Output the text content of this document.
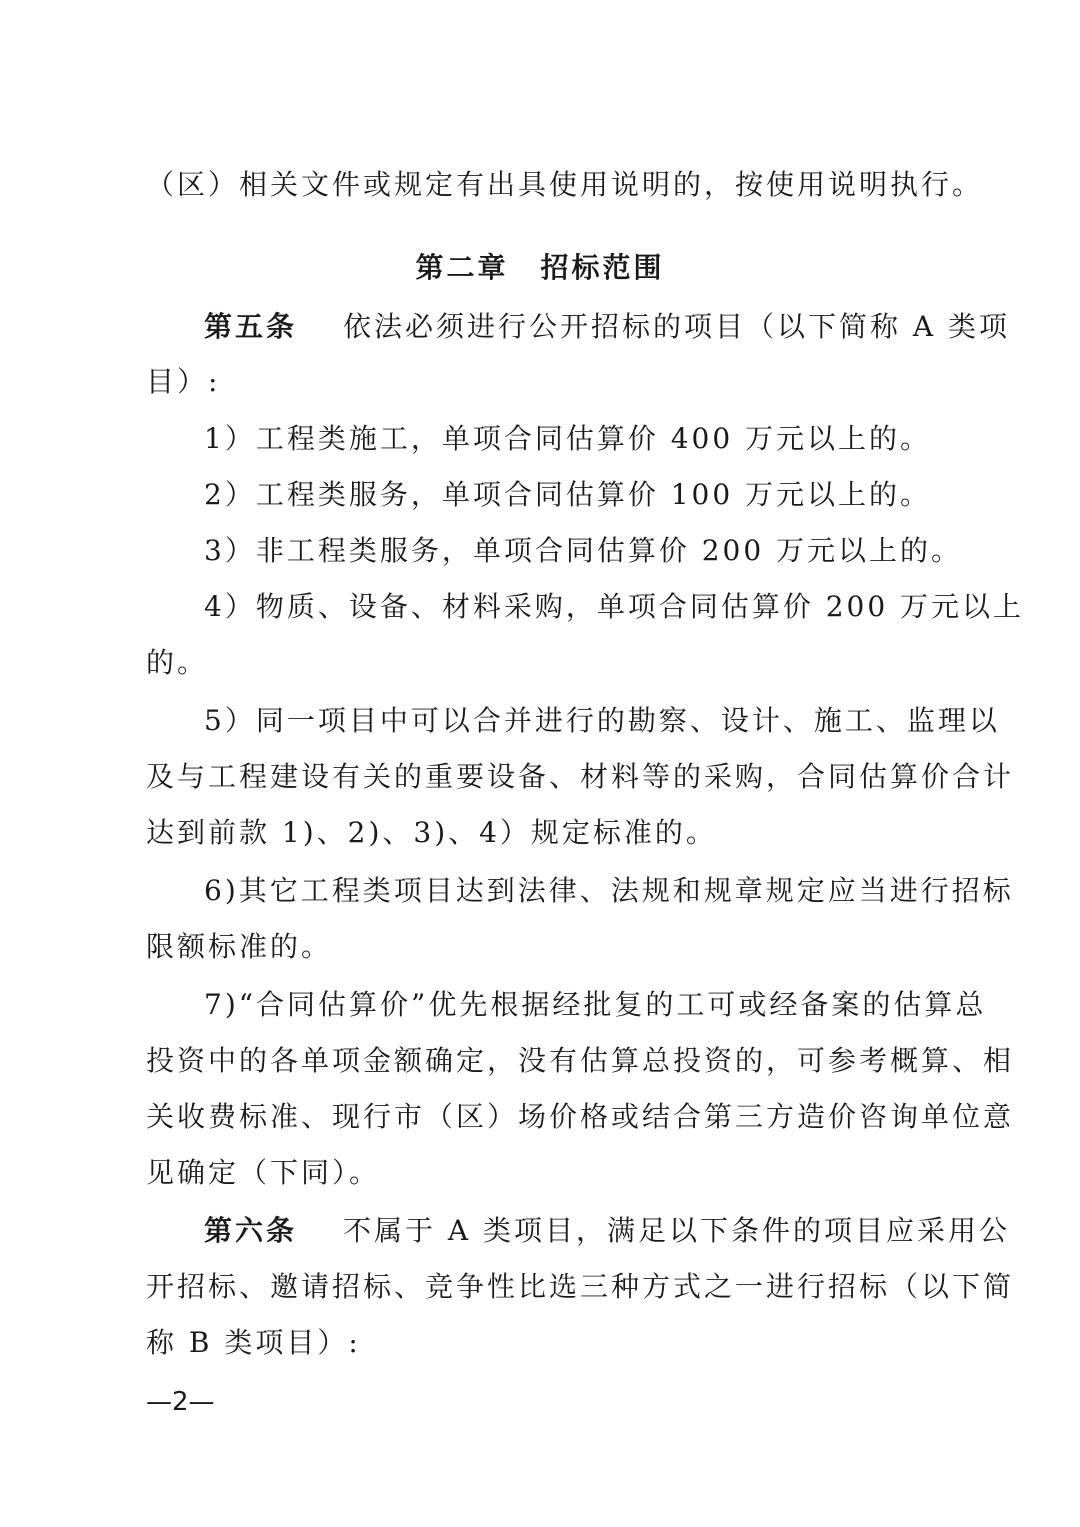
（区）相关文件或规定有出具使用说明的，按使用说明执行。
第二章 招标范围
第五条 依法必须进行公开招标的项目（以下简称 A 类项
目）:
1）工程类施工，单项合同估算价 400 万元以上的。
2）工程类服务，单项合同估算价 100 万元以上的。
3）非工程类服务，单项合同估算价 200 万元以上的。
4）物质、设备、材料采购，单项合同估算价 200 万元以上
的。
5）同一项目中可以合并进行的勘察、设计、施工、监理以
及与工程建设有关的重要设备、材料等的采购，合同估算价合计
达到前款 1)、2)、3)、4）规定标准的。
6)其它工程类项目达到法律、法规和规章规定应当进行招标
限额标准的。
7)“合同估算价”优先根据经批复的工可或经备案的估算总
投资中的各单项金额确定，没有估算总投资的，可参考概算、相
关收费标准、现行市（区）场价格或结合第三方造价咨询单位意
见确定（下同）。
第六条 不属于 A 类项目，满足以下条件的项目应采用公
开招标、邀请招标、竞争性比选三种方式之一进行招标（以下简
称 B 类项目）:
—2—
